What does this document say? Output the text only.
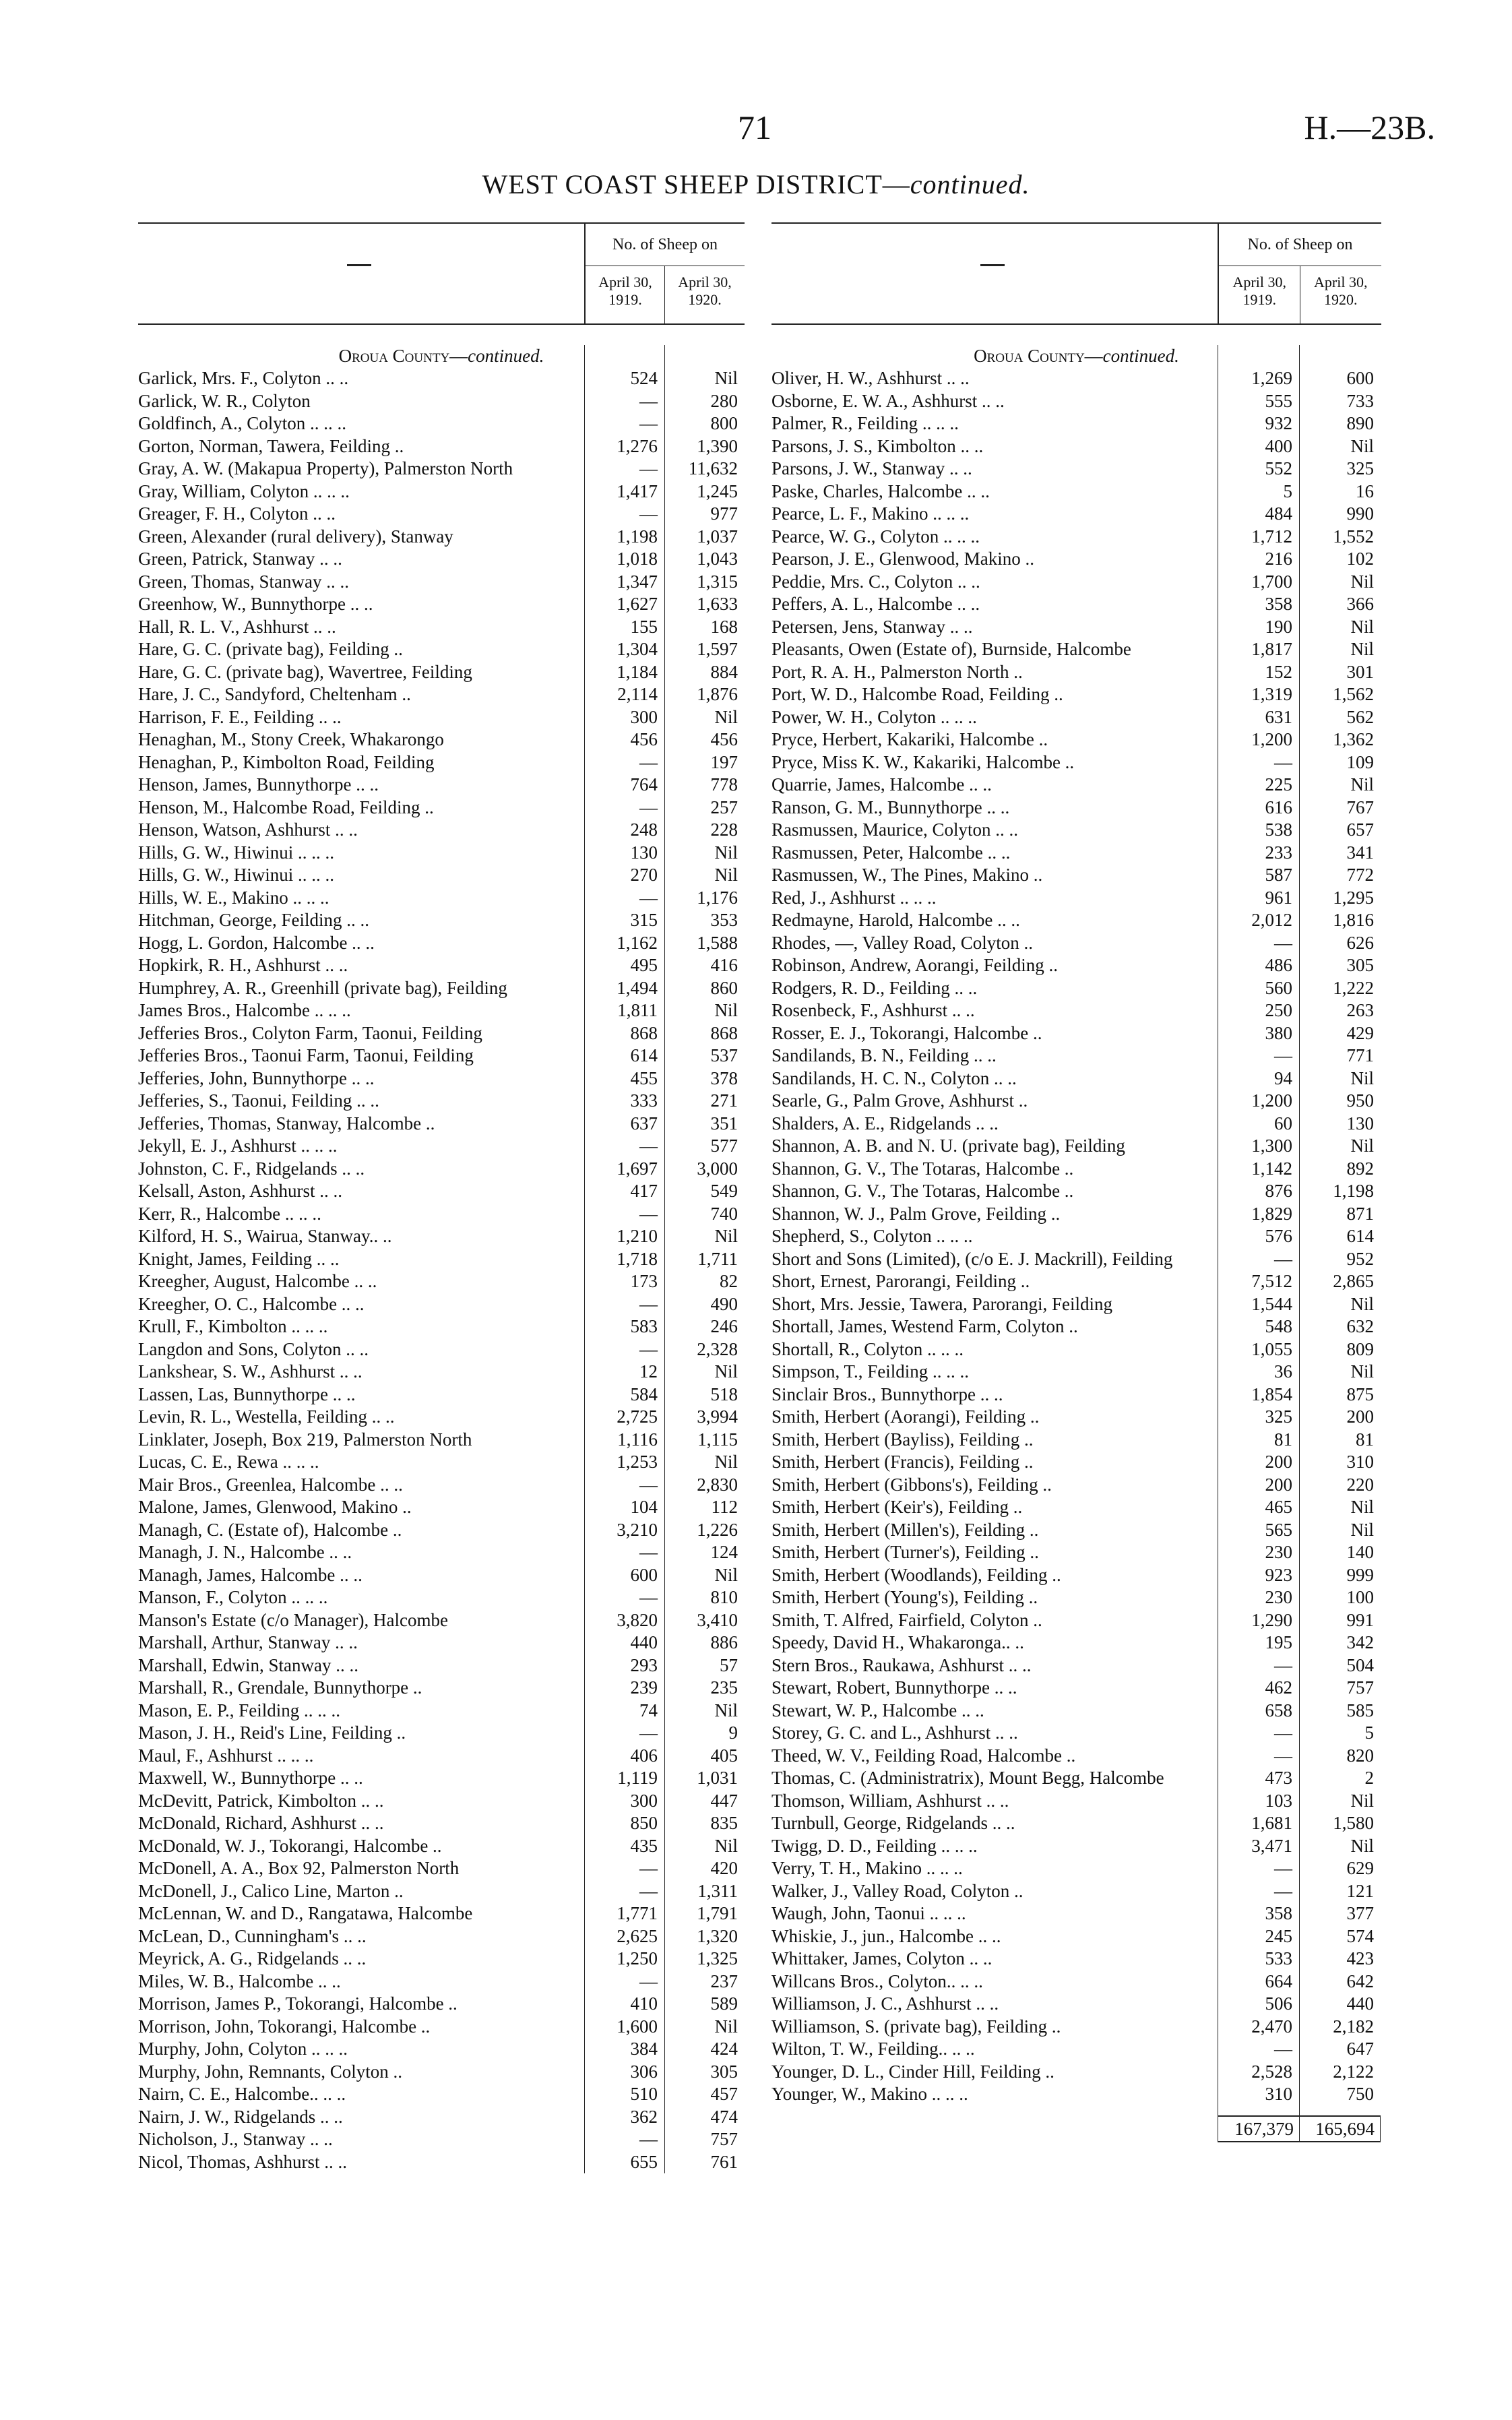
71	H.—23B.
WEST COAST SHEEP DISTRICT—continued.
No. of Sheep on
April 30, 1919.
April 30, 1920.
Oroua County—continued.
Garlick, Mrs. F., Colyton .. ..	524	Nil
Garlick, W. R., Colyton	—	280
Goldfinch, A., Colyton .. .. ..	—	800
Gorton, Norman, Tawera, Feilding ..	1,276	1,390
Gray, A. W. (Makapua Property), Palmerston North	—	11,632
Gray, William, Colyton .. .. ..	1,417	1,245
Greager, F. H., Colyton .. ..	—	977
Green, Alexander (rural delivery), Stanway	1,198	1,037
Green, Patrick, Stanway .. ..	1,018	1,043
Green, Thomas, Stanway .. ..	1,347	1,315
Greenhow, W., Bunnythorpe .. ..	1,627	1,633
Hall, R. L. V., Ashhurst .. ..	155	168
Hare, G. C. (private bag), Feilding ..	1,304	1,597
Hare, G. C. (private bag), Wavertree, Feilding	1,184	884
Hare, J. C., Sandyford, Cheltenham ..	2,114	1,876
Harrison, F. E., Feilding .. ..	300	Nil
Henaghan, M., Stony Creek, Whakarongo	456	456
Henaghan, P., Kimbolton Road, Feilding	—	197
Henson, James, Bunnythorpe .. ..	764	778
Henson, M., Halcombe Road, Feilding ..	—	257
Henson, Watson, Ashhurst .. ..	248	228
Hills, G. W., Hiwinui .. .. ..	130	Nil
Hills, G. W., Hiwinui .. .. ..	270	Nil
Hills, W. E., Makino .. .. ..	—	1,176
Hitchman, George, Feilding .. ..	315	353
Hogg, L. Gordon, Halcombe .. ..	1,162	1,588
Hopkirk, R. H., Ashhurst .. ..	495	416
Humphrey, A. R., Greenhill (private bag), Feilding	1,494	860
James Bros., Halcombe .. .. ..	1,811	Nil
Jefferies Bros., Colyton Farm, Taonui, Feilding	868	868
Jefferies Bros., Taonui Farm, Taonui, Feilding	614	537
Jefferies, John, Bunnythorpe .. ..	455	378
Jefferies, S., Taonui, Feilding .. ..	333	271
Jefferies, Thomas, Stanway, Halcombe ..	637	351
Jekyll, E. J., Ashhurst .. .. ..	—	577
Johnston, C. F., Ridgelands .. ..	1,697	3,000
Kelsall, Aston, Ashhurst .. ..	417	549
Kerr, R., Halcombe .. .. ..	—	740
Kilford, H. S., Wairua, Stanway.. ..	1,210	Nil
Knight, James, Feilding .. ..	1,718	1,711
Kreegher, August, Halcombe .. ..	173	82
Kreegher, O. C., Halcombe .. ..	—	490
Krull, F., Kimbolton .. .. ..	583	246
Langdon and Sons, Colyton .. ..	—	2,328
Lankshear, S. W., Ashhurst .. ..	12	Nil
Lassen, Las, Bunnythorpe .. ..	584	518
Levin, R. L., Westella, Feilding .. ..	2,725	3,994
Linklater, Joseph, Box 219, Palmerston North	1,116	1,115
Lucas, C. E., Rewa .. .. ..	1,253	Nil
Mair Bros., Greenlea, Halcombe .. ..	—	2,830
Malone, James, Glenwood, Makino ..	104	112
Managh, C. (Estate of), Halcombe ..	3,210	1,226
Managh, J. N., Halcombe .. ..	—	124
Managh, James, Halcombe .. ..	600	Nil
Manson, F., Colyton .. .. ..	—	810
Manson's Estate (c/o Manager), Halcombe	3,820	3,410
Marshall, Arthur, Stanway .. ..	440	886
Marshall, Edwin, Stanway .. ..	293	57
Marshall, R., Grendale, Bunnythorpe ..	239	235
Mason, E. P., Feilding .. .. ..	74	Nil
Mason, J. H., Reid's Line, Feilding ..	—	9
Maul, F., Ashhurst .. .. ..	406	405
Maxwell, W., Bunnythorpe .. ..	1,119	1,031
McDevitt, Patrick, Kimbolton .. ..	300	447
McDonald, Richard, Ashhurst .. ..	850	835
McDonald, W. J., Tokorangi, Halcombe ..	435	Nil
McDonell, A. A., Box 92, Palmerston North	—	420
McDonell, J., Calico Line, Marton ..	—	1,311
McLennan, W. and D., Rangatawa, Halcombe	1,771	1,791
McLean, D., Cunningham's .. ..	2,625	1,320
Meyrick, A. G., Ridgelands .. ..	1,250	1,325
Miles, W. B., Halcombe .. ..	—	237
Morrison, James P., Tokorangi, Halcombe ..	410	589
Morrison, John, Tokorangi, Halcombe ..	1,600	Nil
Murphy, John, Colyton .. .. ..	384	424
Murphy, John, Remnants, Colyton ..	306	305
Nairn, C. E., Halcombe.. .. ..	510	457
Nairn, J. W., Ridgelands .. ..	362	474
Nicholson, J., Stanway .. ..	—	757
Nicol, Thomas, Ashhurst .. ..	655	761
No. of Sheep on
April 30, 1919.
April 30, 1920.
Oroua County—continued.
Oliver, H. W., Ashhurst .. ..	1,269	600
Osborne, E. W. A., Ashhurst .. ..	555	733
Palmer, R., Feilding .. .. ..	932	890
Parsons, J. S., Kimbolton .. ..	400	Nil
Parsons, J. W., Stanway .. ..	552	325
Paske, Charles, Halcombe .. ..	5	16
Pearce, L. F., Makino .. .. ..	484	990
Pearce, W. G., Colyton .. .. ..	1,712	1,552
Pearson, J. E., Glenwood, Makino ..	216	102
Peddie, Mrs. C., Colyton .. ..	1,700	Nil
Peffers, A. L., Halcombe .. ..	358	366
Petersen, Jens, Stanway .. ..	190	Nil
Pleasants, Owen (Estate of), Burnside, Halcombe	1,817	Nil
Port, R. A. H., Palmerston North ..	152	301
Port, W. D., Halcombe Road, Feilding ..	1,319	1,562
Power, W. H., Colyton .. .. ..	631	562
Pryce, Herbert, Kakariki, Halcombe ..	1,200	1,362
Pryce, Miss K. W., Kakariki, Halcombe ..	—	109
Quarrie, James, Halcombe .. ..	225	Nil
Ranson, G. M., Bunnythorpe .. ..	616	767
Rasmussen, Maurice, Colyton .. ..	538	657
Rasmussen, Peter, Halcombe .. ..	233	341
Rasmussen, W., The Pines, Makino ..	587	772
Red, J., Ashhurst .. .. ..	961	1,295
Redmayne, Harold, Halcombe .. ..	2,012	1,816
Rhodes, —, Valley Road, Colyton ..	—	626
Robinson, Andrew, Aorangi, Feilding ..	486	305
Rodgers, R. D., Feilding .. ..	560	1,222
Rosenbeck, F., Ashhurst .. ..	250	263
Rosser, E. J., Tokorangi, Halcombe ..	380	429
Sandilands, B. N., Feilding .. ..	—	771
Sandilands, H. C. N., Colyton .. ..	94	Nil
Searle, G., Palm Grove, Ashhurst ..	1,200	950
Shalders, A. E., Ridgelands .. ..	60	130
Shannon, A. B. and N. U. (private bag), Feilding	1,300	Nil
Shannon, G. V., The Totaras, Halcombe ..	1,142	892
Shannon, G. V., The Totaras, Halcombe ..	876	1,198
Shannon, W. J., Palm Grove, Feilding ..	1,829	871
Shepherd, S., Colyton .. .. ..	576	614
Short and Sons (Limited), (c/o E. J. Mackrill), Feilding	—	952
Short, Ernest, Parorangi, Feilding ..	7,512	2,865
Short, Mrs. Jessie, Tawera, Parorangi, Feilding	1,544	Nil
Shortall, James, Westend Farm, Colyton ..	548	632
Shortall, R., Colyton .. .. ..	1,055	809
Simpson, T., Feilding .. .. ..	36	Nil
Sinclair Bros., Bunnythorpe .. ..	1,854	875
Smith, Herbert (Aorangi), Feilding ..	325	200
Smith, Herbert (Bayliss), Feilding ..	81	81
Smith, Herbert (Francis), Feilding ..	200	310
Smith, Herbert (Gibbons's), Feilding ..	200	220
Smith, Herbert (Keir's), Feilding ..	465	Nil
Smith, Herbert (Millen's), Feilding ..	565	Nil
Smith, Herbert (Turner's), Feilding ..	230	140
Smith, Herbert (Woodlands), Feilding ..	923	999
Smith, Herbert (Young's), Feilding ..	230	100
Smith, T. Alfred, Fairfield, Colyton ..	1,290	991
Speedy, David H., Whakaronga.. ..	195	342
Stern Bros., Raukawa, Ashhurst .. ..	—	504
Stewart, Robert, Bunnythorpe .. ..	462	757
Stewart, W. P., Halcombe .. ..	658	585
Storey, G. C. and L., Ashhurst .. ..	—	5
Theed, W. V., Feilding Road, Halcombe ..	—	820
Thomas, C. (Administratrix), Mount Begg, Halcombe	473	2
Thomson, William, Ashhurst .. ..	103	Nil
Turnbull, George, Ridgelands .. ..	1,681	1,580
Twigg, D. D., Feilding .. .. ..	3,471	Nil
Verry, T. H., Makino .. .. ..	—	629
Walker, J., Valley Road, Colyton ..	—	121
Waugh, John, Taonui .. .. ..	358	377
Whiskie, J., jun., Halcombe .. ..	245	574
Whittaker, James, Colyton .. ..	533	423
Willcans Bros., Colyton.. .. ..	664	642
Williamson, J. C., Ashhurst .. ..	506	440
Williamson, S. (private bag), Feilding ..	2,470	2,182
Wilton, T. W., Feilding.. .. ..	—	647
Younger, D. L., Cinder Hill, Feilding ..	2,528	2,122
Younger, W., Makino .. .. ..	310	750
167,379	165,694
